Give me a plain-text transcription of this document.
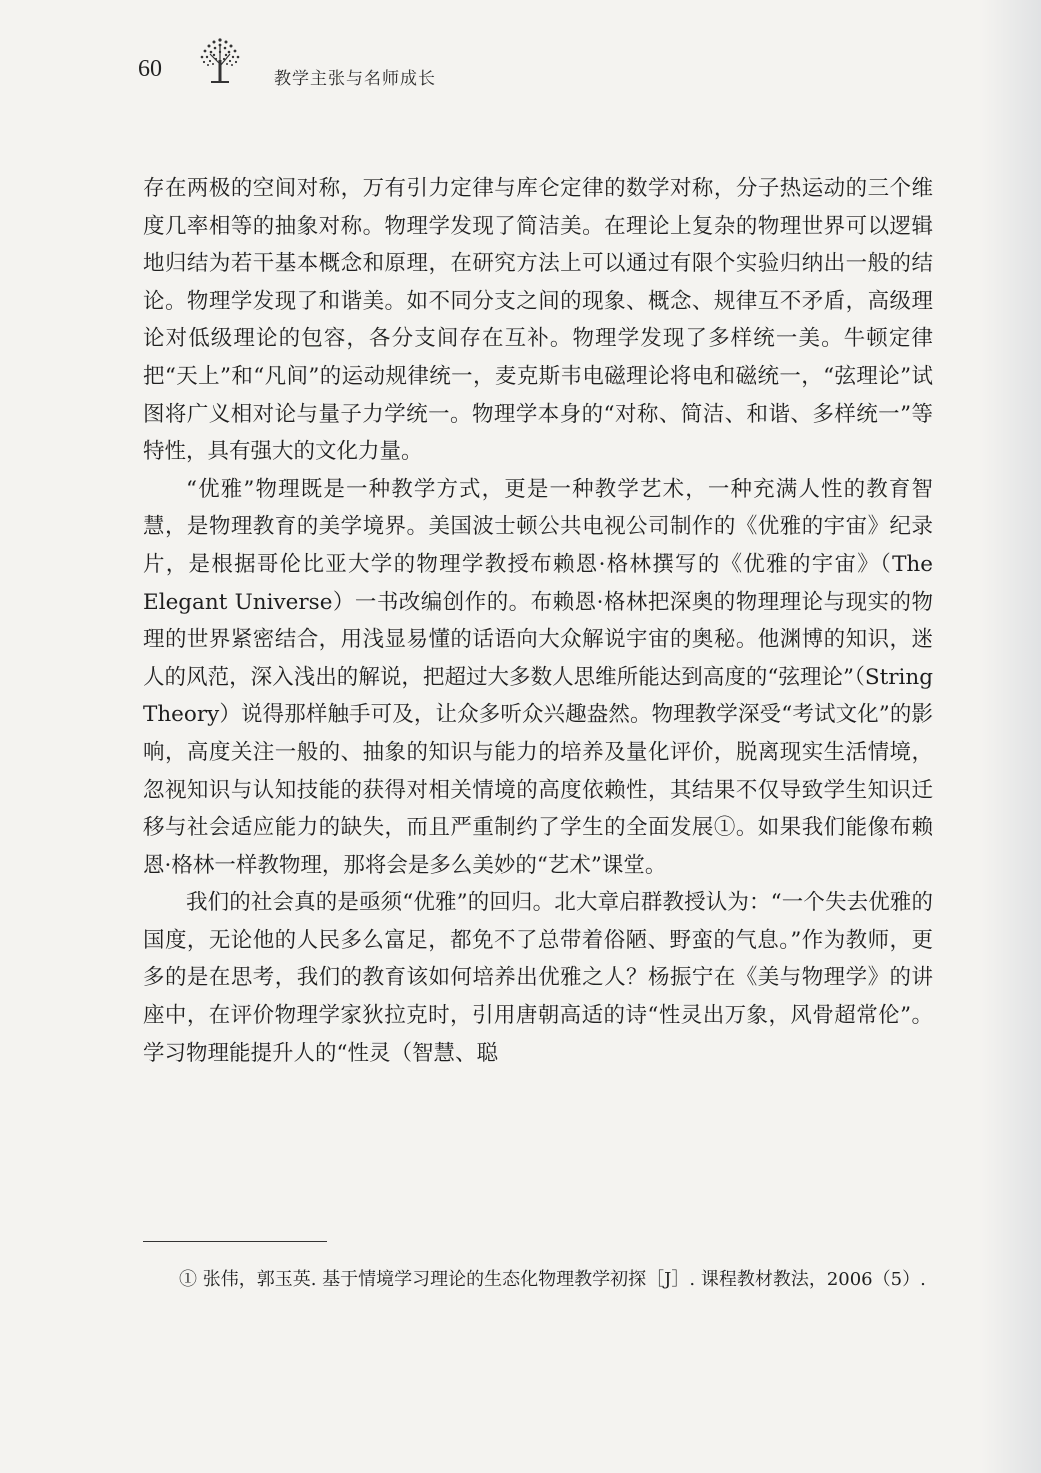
60	教学主张与名师成长

存在两极的空间对称，万有引力定律与库仑定律的数学对称，分子热运动的三个维度几率相等的抽象对称。物理学发现了简洁美。在理论上复杂的物理世界可以逻辑地归结为若干基本概念和原理，在研究方法上可以通过有限个实验归纳出一般的结论。物理学发现了和谐美。如不同分支之间的现象、概念、规律互不矛盾，高级理论对低级理论的包容，各分支间存在互补。物理学发现了多样统一美。牛顿定律把“天上”和“凡间”的运动规律统一，麦克斯韦电磁理论将电和磁统一，“弦理论”试图将广义相对论与量子力学统一。物理学本身的“对称、简洁、和谐、多样统一”等特性，具有强大的文化力量。

“优雅”物理既是一种教学方式，更是一种教学艺术，一种充满人性的教育智慧，是物理教育的美学境界。美国波士顿公共电视公司制作的《优雅的宇宙》纪录片，是根据哥伦比亚大学的物理学教授布赖恩·格林撰写的《优雅的宇宙》（The Elegant Universe）一书改编创作的。布赖恩·格林把深奥的物理理论与现实的物理的世界紧密结合，用浅显易懂的话语向大众解说宇宙的奥秘。他渊博的知识，迷人的风范，深入浅出的解说，把超过大多数人思维所能达到高度的“弦理论”（String Theory）说得那样触手可及，让众多听众兴趣盎然。物理教学深受“考试文化”的影响，高度关注一般的、抽象的知识与能力的培养及量化评价，脱离现实生活情境，忽视知识与认知技能的获得对相关情境的高度依赖性，其结果不仅导致学生知识迁移与社会适应能力的缺失，而且严重制约了学生的全面发展①。如果我们能像布赖恩·格林一样教物理，那将会是多么美妙的“艺术”课堂。

我们的社会真的是亟须“优雅”的回归。北大章启群教授认为：“一个失去优雅的国度，无论他的人民多么富足，都免不了总带着俗陋、野蛮的气息。”作为教师，更多的是在思考，我们的教育该如何培养出优雅之人？杨振宁在《美与物理学》的讲座中，在评价物理学家狄拉克时，引用唐朝高适的诗“性灵出万象，风骨超常伦”。学习物理能提升人的“性灵（智慧、聪

① 张伟，郭玉英. 基于情境学习理论的生态化物理教学初探［J］. 课程教材教法，2006（5）.
